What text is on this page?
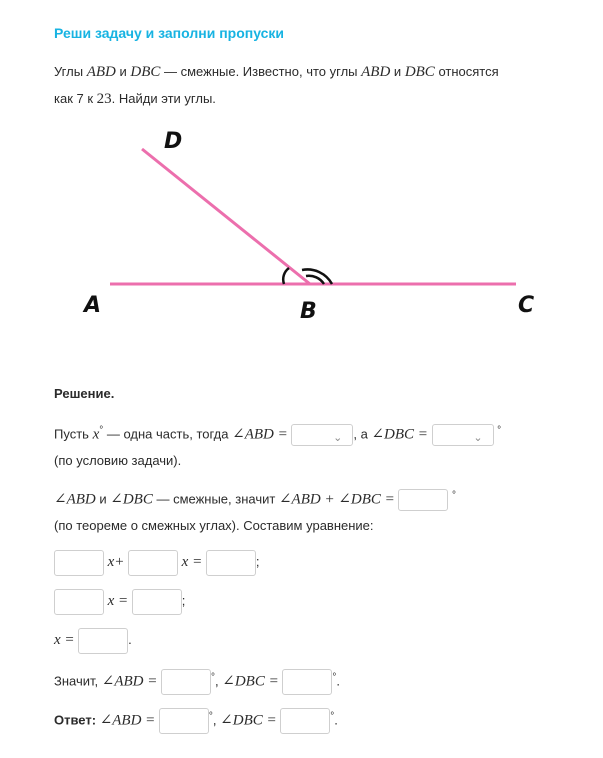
Реши задачу и заполни пропуски
Углы ABD и DBC — смежные. Известно, что углы ABD и DBC относятся
как 7 к 23. Найди эти углы.
A	B	C
D
Решение.
Пусть x° — одна часть, тогда ∠ABD =	⌄ , а ∠DBC =	⌄
°
(по условию задачи).
∠ABD и ∠DBC — смежные, значит ∠ABD + ∠DBC =	°
(по теореме о смежных углах). Составим уравнение:
x+	x =	;
x =	;
x =	.
Значит, ∠ABD =	°, ∠DBC =	°.
Ответ: ∠ABD =	°, ∠DBC =	°.
